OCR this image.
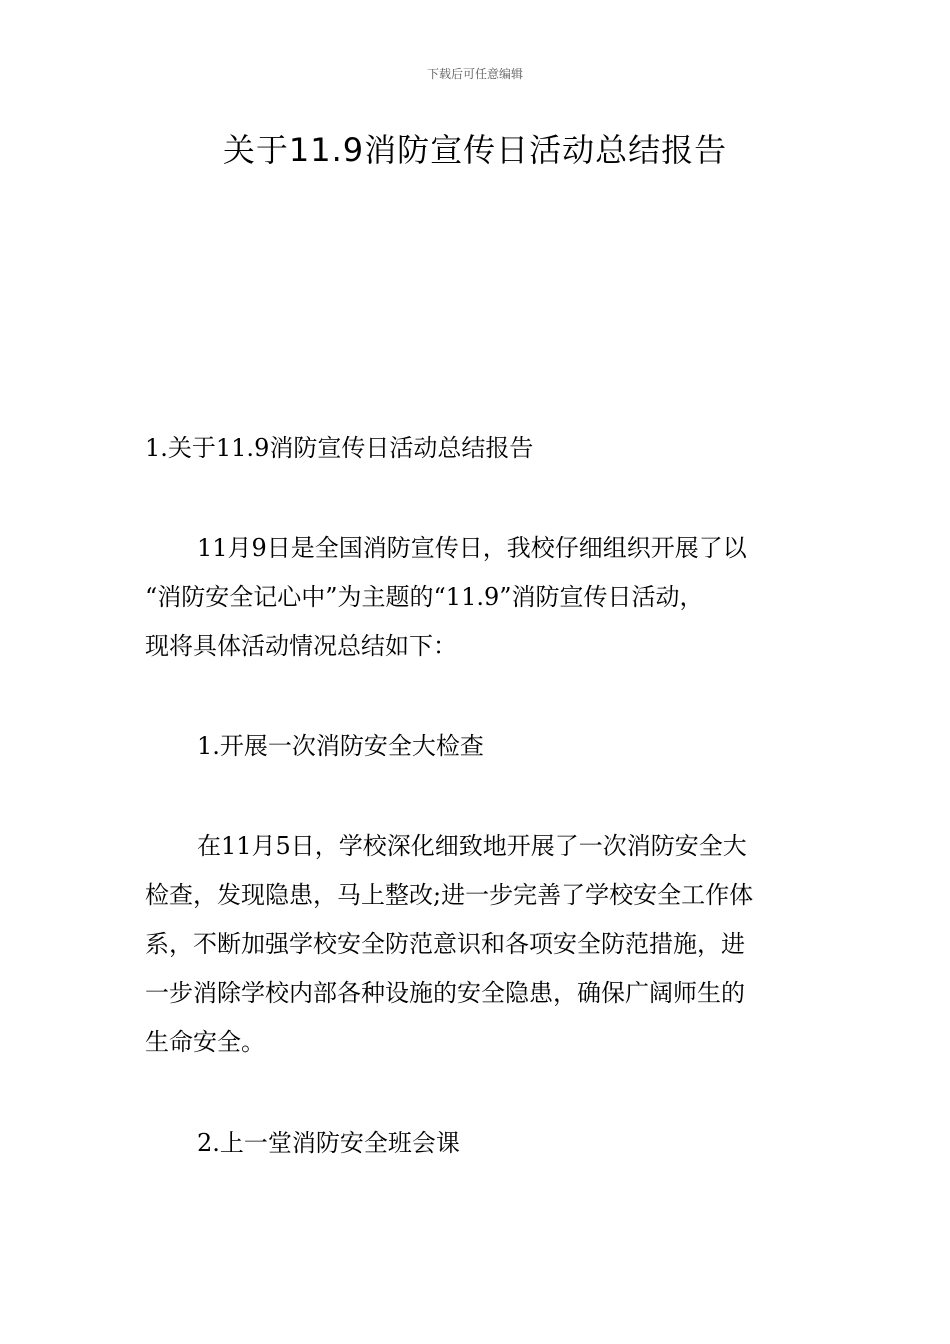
下载后可任意编辑
关于11.9消防宣传日活动总结报告

1.关于11.9消防宣传日活动总结报告

11月9日是全国消防宣传日，我校仔细组织开展了以
“消防安全记心中”为主题的“11.9”消防宣传日活动，
现将具体活动情况总结如下：

1.开展一次消防安全大检查

在11月5日，学校深化细致地开展了一次消防安全大
检查，发现隐患，马上整改;进一步完善了学校安全工作体
系，不断加强学校安全防范意识和各项安全防范措施，进
一步消除学校内部各种设施的安全隐患，确保广阔师生的
生命安全。

2.上一堂消防安全班会课
